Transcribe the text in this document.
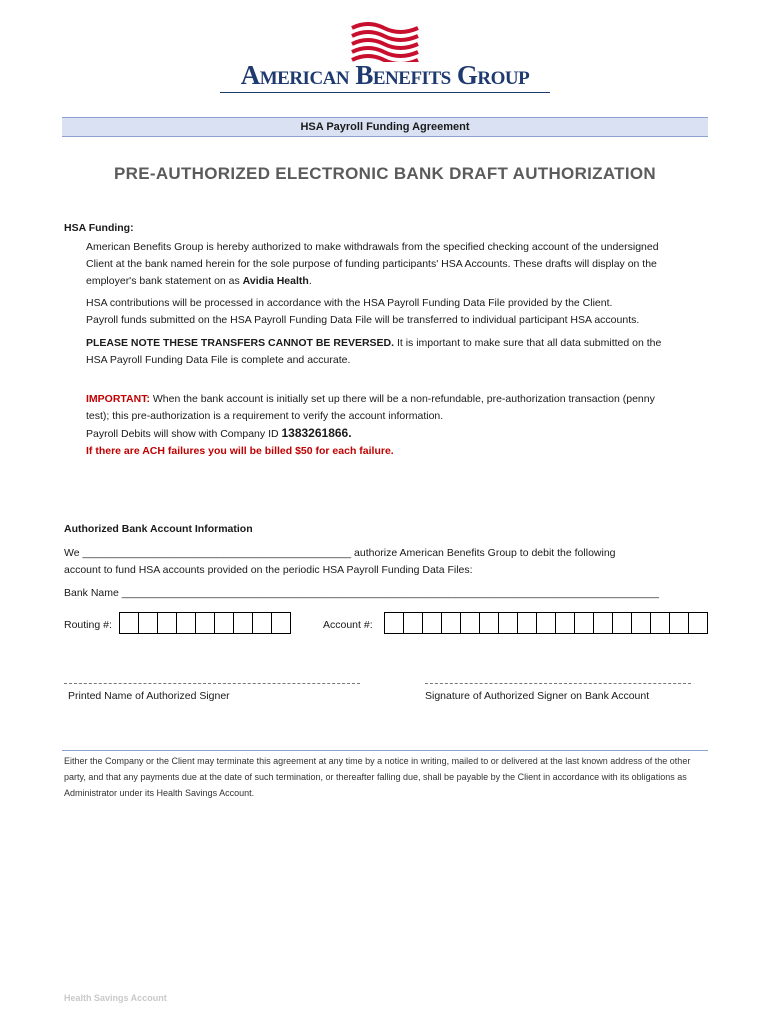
American Benefits Group
HSA Payroll Funding Agreement
PRE-AUTHORIZED ELECTRONIC BANK DRAFT AUTHORIZATION
HSA Funding:
American Benefits Group is hereby authorized to make withdrawals from the specified checking account of the undersigned
Client at the bank named herein for the sole purpose of funding participants' HSA Accounts. These drafts will display on the
employer's bank statement on as Avidia Health.
HSA contributions will be processed in accordance with the HSA Payroll Funding Data File provided by the Client.
Payroll funds submitted on the HSA Payroll Funding Data File will be transferred to individual participant HSA accounts.
PLEASE NOTE THESE TRANSFERS CANNOT BE REVERSED. It is important to make sure that all data submitted on the
HSA Payroll Funding Data File is complete and accurate.
IMPORTANT: When the bank account is initially set up there will be a non-refundable, pre-authorization transaction (penny
test); this pre-authorization is a requirement to verify the account information.
Payroll Debits will show with Company ID 1383261866.
If there are ACH failures you will be billed $50 for each failure.
Authorized Bank Account Information
We ______________________________________________ authorize American Benefits Group to debit the following
account to fund HSA accounts provided on the periodic HSA Payroll Funding Data Files:
Bank Name ____________________________________________________________________________________________
Routing #:	Account #:
Printed Name of Authorized Signer	Signature of Authorized Signer on Bank Account
Either the Company or the Client may terminate this agreement at any time by a notice in writing, mailed to or delivered at the last known address of the other party, and that any payments due at the date of such termination, or thereafter falling due, shall be payable by the Client in accordance with its obligations as Administrator under its Health Savings Account.
Health Savings Account
